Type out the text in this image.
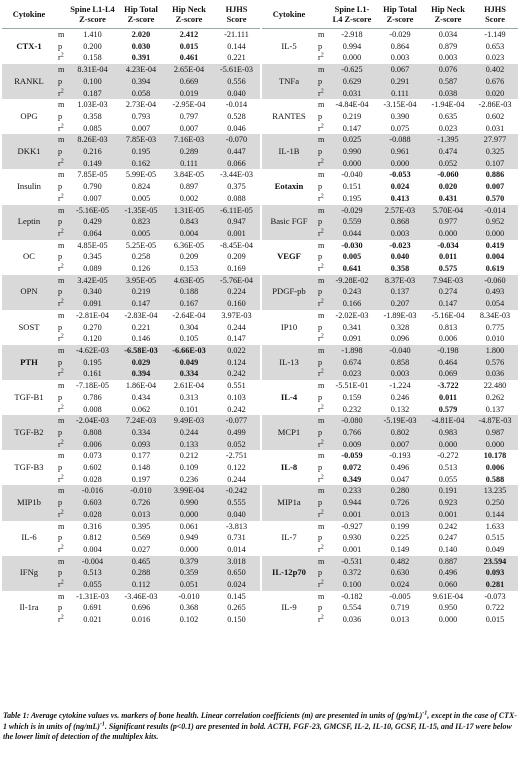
Cytokine		Spine L1-L4 Z-score	Hip Total Z-score	Hip Neck Z-score	HJHS Score
CTX-1	m	1.410	2.020	2.412	-21.111
	p	0.200	0.030	0.015	0.144
	$r^2$	0.158	0.391	0.461	0.221
RANKL	m	8.31E-04	4.23E-04	2.65E-04	-5.61E-03
	p	0.100	0.394	0.669	0.556
	$r^2$	0.187	0.058	0.019	0.040
OPG	m	1.03E-03	2.73E-04	-2.95E-04	-0.014
	p	0.358	0.793	0.797	0.528
	$r^2$	0.085	0.007	0.007	0.046
DKK1	m	8.26E-03	7.85E-03	7.16E-03	-0.070
	p	0.216	0.195	0.289	0.447
	$r^2$	0.149	0.162	0.111	0.066
Insulin	m	7.85E-05	5.99E-05	3.84E-05	-3.44E-03
	p	0.790	0.824	0.897	0.375
	$r^2$	0.007	0.005	0.002	0.088
Leptin	m	-5.16E-05	-1.35E-05	1.31E-05	-6.11E-05
	p	0.429	0.823	0.843	0.947
	$r^2$	0.064	0.005	0.004	0.001
OC	m	4.85E-05	5.25E-05	6.36E-05	-8.45E-04
	p	0.345	0.258	0.209	0.209
	$r^2$	0.089	0.126	0.153	0.169
OPN	m	3.42E-05	3.95E-05	4.63E-05	-5.76E-04
	p	0.340	0.219	0.188	0.224
	$r^2$	0.091	0.147	0.167	0.160
SOST	m	-2.81E-04	-2.83E-04	-2.64E-04	3.97E-03
	p	0.270	0.221	0.304	0.244
	$r^2$	0.120	0.146	0.105	0.147
PTH	m	-4.62E-03	-6.58E-03	-6.66E-03	0.022
	p	0.195	0.029	0.049	0.124
	$r^2$	0.161	0.394	0.334	0.242
TGF-B1	m	-7.18E-05	1.86E-04	2.61E-04	0.551
	p	0.786	0.434	0.313	0.103
	$r^2$	0.008	0.062	0.101	0.242
TGF-B2	m	-2.04E-03	7.24E-03	9.49E-03	-0.077
	p	0.808	0.334	0.244	0.499
	$r^2$	0.006	0.093	0.133	0.052
TGF-B3	m	0.073	0.177	0.212	-2.751
	p	0.602	0.148	0.109	0.122
	$r^2$	0.028	0.197	0.236	0.244
MIP1b	m	-0.016	-0.010	3.99E-04	-0.242
	p	0.603	0.726	0.990	0.555
	$r^2$	0.028	0.013	0.000	0.040
IL-6	m	0.316	0.395	0.061	-3.813
	p	0.812	0.569	0.949	0.731
	$r^2$	0.004	0.027	0.000	0.014
IFNg	m	-0.004	0.465	0.379	3.018
	p	0.513	0.288	0.359	0.650
	$r^2$	0.055	0.112	0.051	0.024
Il-1ra	m	-1.31E-03	-3.46E-03	-0.010	0.145
	p	0.691	0.696	0.368	0.265
	$r^2$	0.021	0.016	0.102	0.150
Cytokine		Spine L1-L4 Z-score	Hip Total Z-score	Hip Neck Z-score	HJHS Score
IL-5	m	-2.918	-0.029	0.034	-1.149
	p	0.994	0.864	0.879	0.653
	$r^2$	0.000	0.003	0.003	0.023
TNFa	m	-0.625	0.067	0.076	0.402
	p	0.629	0.291	0.587	0.676
	$r^2$	0.031	0.111	0.038	0.020
RANTES	m	-4.84E-04	-3.15E-04	-1.94E-04	-2.86E-03
	p	0.219	0.390	0.635	0.602
	$r^2$	0.147	0.075	0.023	0.031
IL-1B	m	0.025	-0.088	-1.395	27.977
	p	0.990	0.961	0.474	0.325
	$r^2$	0.000	0.000	0.052	0.107
Eotaxin	m	-0.040	-0.053	-0.060	0.886
	p	0.151	0.024	0.020	0.007
	$r^2$	0.195	0.413	0.431	0.570
Basic FGF	m	-0.029	2.57E-03	5.70E-04	-0.014
	p	0.559	0.868	0.977	0.952
	$r^2$	0.044	0.003	0.000	0.000
VEGF	m	-0.030	-0.023	-0.034	0.419
	p	0.005	0.040	0.011	0.004
	$r^2$	0.641	0.358	0.575	0.619
PDGF-pb	m	-9.28E-02	8.37E-03	7.94E-03	-0.060
	p	0.243	0.137	0.274	0.493
	$r^2$	0.166	0.207	0.147	0.054
IP10	m	-2.02E-03	-1.89E-03	-5.16E-04	8.34E-03
	p	0.341	0.328	0.813	0.775
	$r^2$	0.091	0.096	0.006	0.010
IL-13	m	-1.898	-0.040	-0.198	1.800
	p	0.674	0.858	0.464	0.576
	$r^2$	0.023	0.003	0.069	0.036
IL-4	m	-5.51E-01	-1.224	-3.722	22.480
	p	0.159	0.246	0.011	0.262
	$r^2$	0.232	0.132	0.579	0.137
MCP1	m	-0.080	-5.19E-03	-4.81E-04	-4.87E-03
	p	0.766	0.802	0.983	0.987
	$r^2$	0.009	0.007	0.000	0.000
IL-8	m	-0.059	-0.193	-0.272	10.178
	p	0.072	0.496	0.513	0.006
	$r^2$	0.349	0.047	0.055	0.588
MIP1a	m	0.233	0.280	0.191	13.235
	p	0.944	0.726	0.923	0.250
	$r^2$	0.001	0.013	0.001	0.144
IL-7	m	-0.927	0.199	0.242	1.633
	p	0.930	0.225	0.247	0.515
	$r^2$	0.001	0.149	0.140	0.049
IL-12p70	m	-0.531	0.482	0.887	23.594
	p	0.372	0.630	0.496	0.093
	$r^2$	0.100	0.024	0.060	0.281
IL-9	m	-0.182	-0.005	9.61E-04	-0.073
	p	0.554	0.719	0.950	0.722
	$r^2$	0.036	0.013	0.000	0.015
Table 1: Average cytokine values vs. markers of bone health. Linear correlation coefficients (m) are presented in units of $(pg/mL)^{-1}$, except in the case of CTX-1 which is in units of $(ng/mL)^{-1}$. Significant results (p<0.1) are presented in bold. ACTH, FGF-23, GMCSF, IL-2, IL-10, GCSF, IL-15, and IL-17 were below the lower limit of detection of the multiplex kits.
